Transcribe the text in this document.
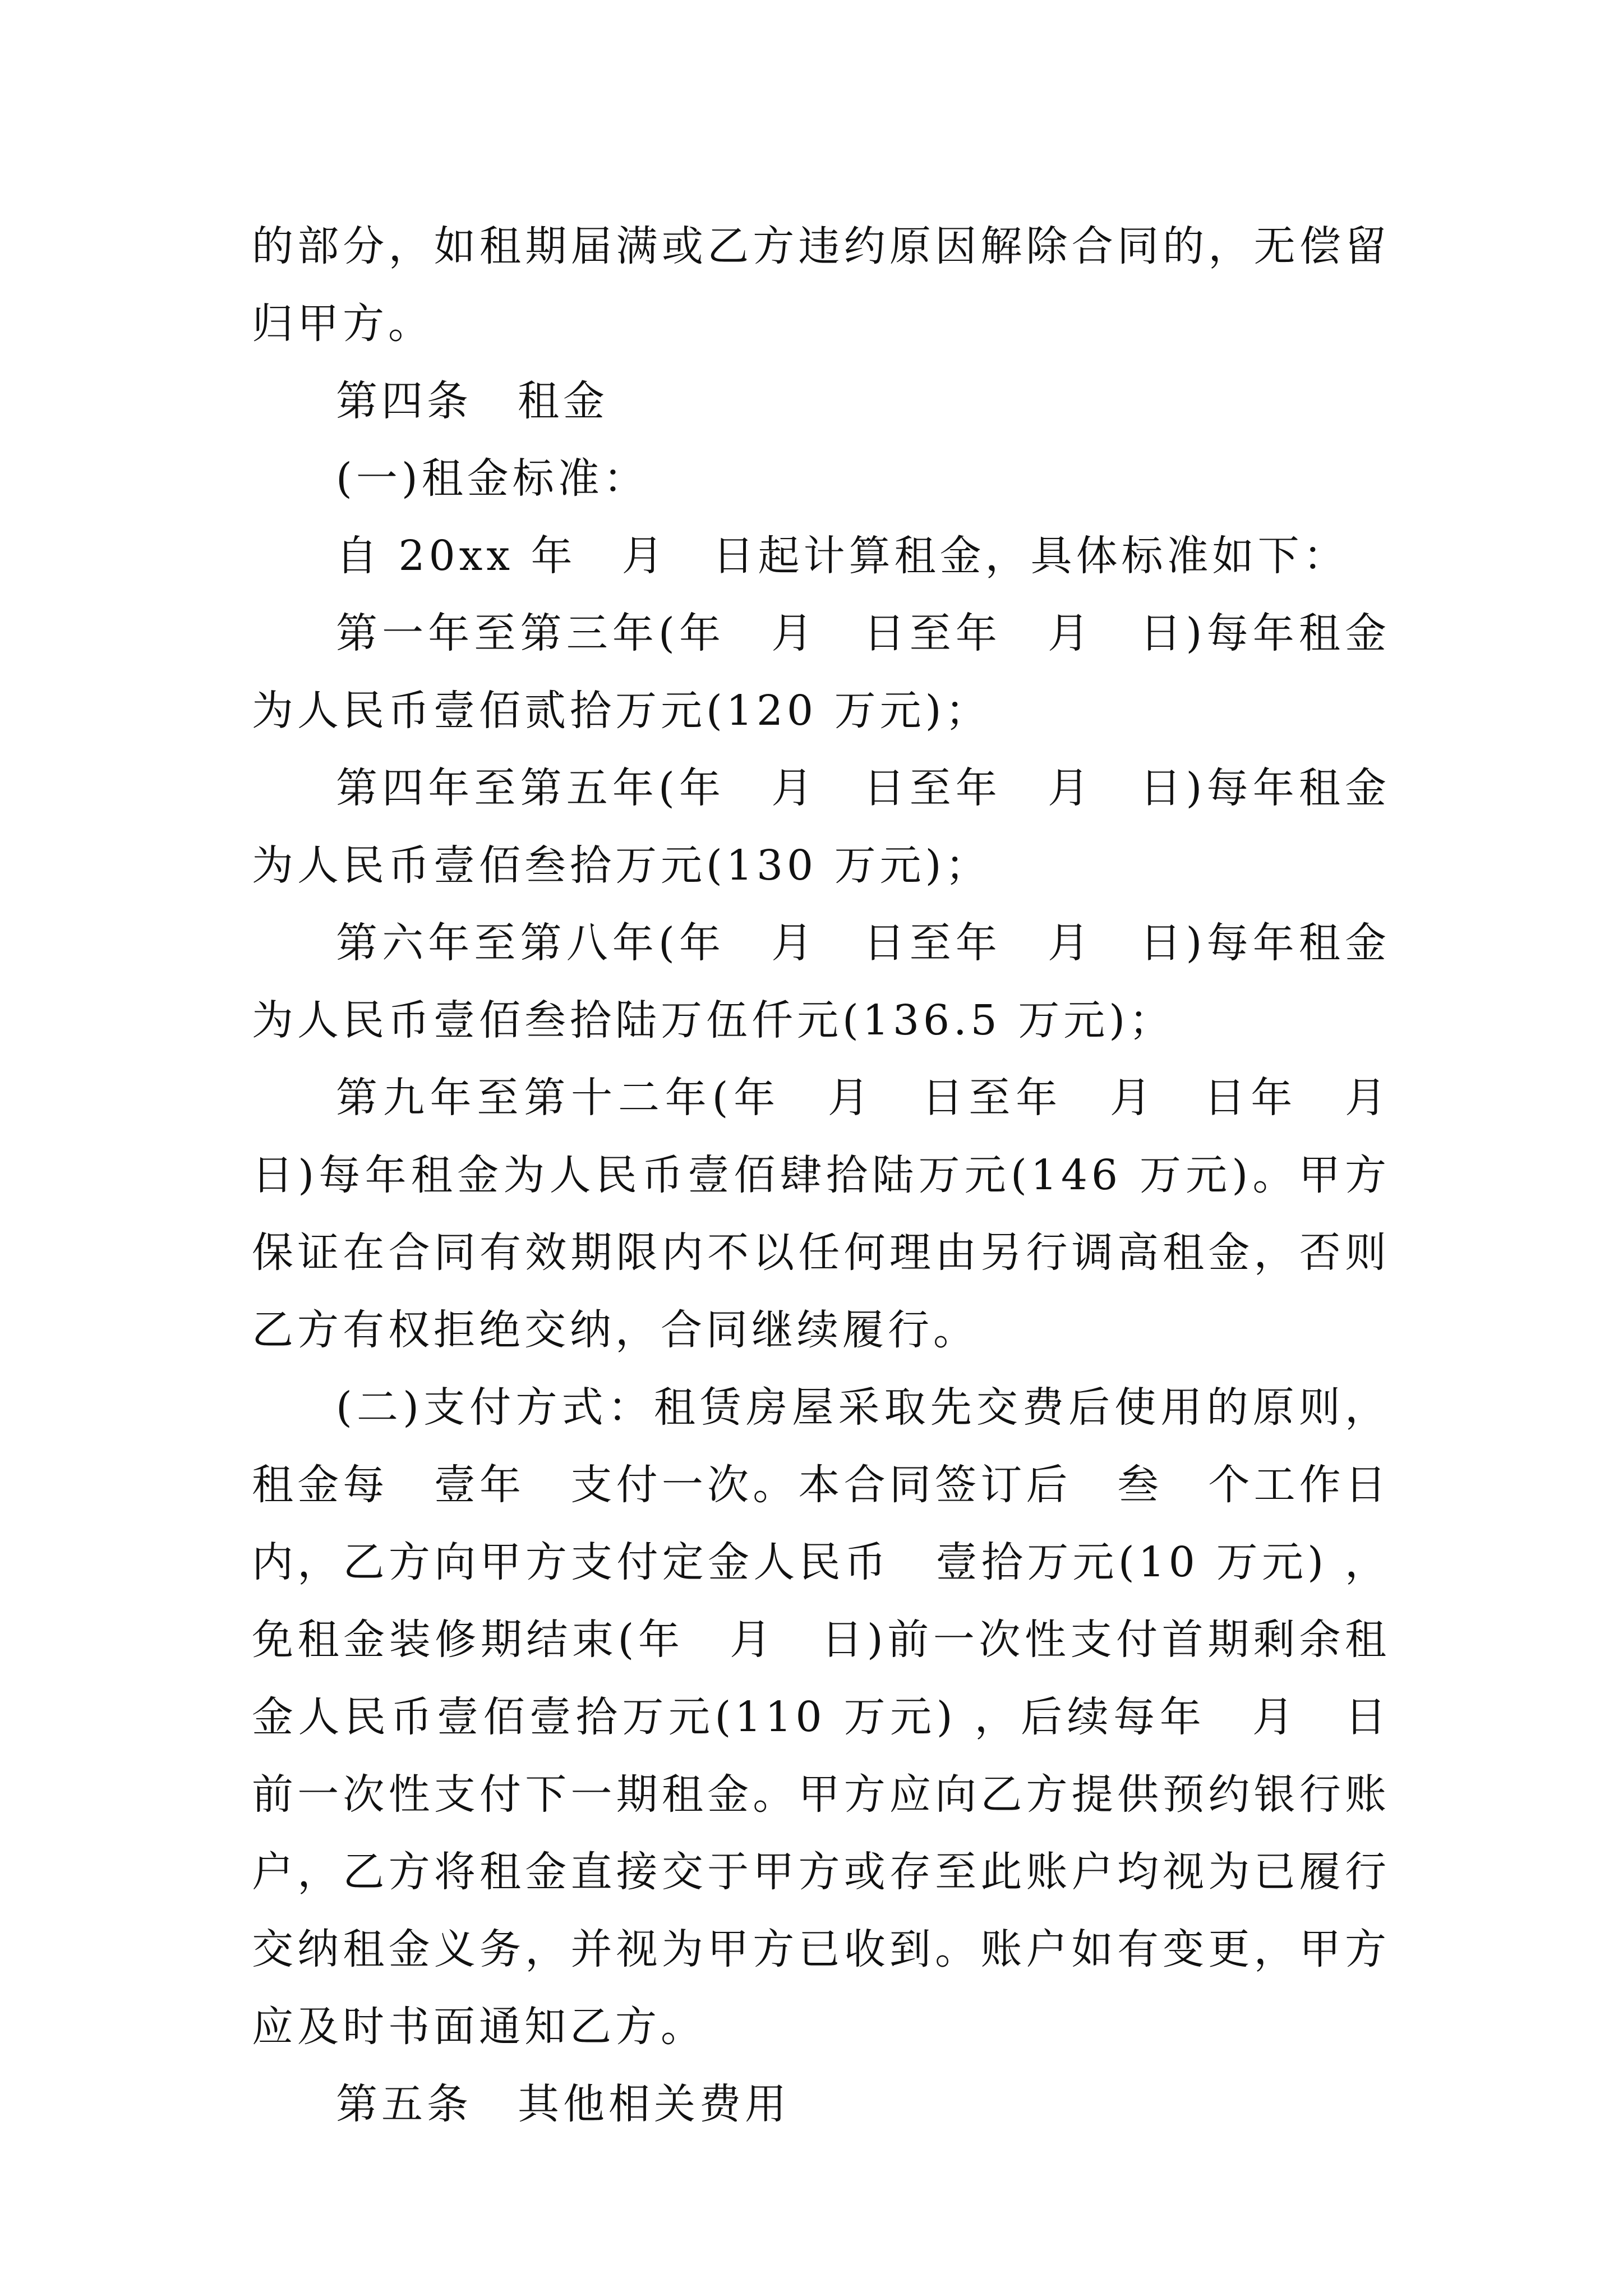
的部分，如租期届满或乙方违约原因解除合同的，无偿留归甲方。

第四条　租金

(一)租金标准：

自 20xx 年　月　日起计算租金，具体标准如下：

第一年至第三年(年　月　日至年　月　日)每年租金为人民币壹佰贰拾万元(120 万元)；

第四年至第五年(年　月　日至年　月　日)每年租金为人民币壹佰叁拾万元(130 万元)；

第六年至第八年(年　月　日至年　月　日)每年租金为人民币壹佰叁拾陆万伍仟元(136.5 万元)；

第九年至第十二年(年　月　日至年　月　日年　月　日)每年租金为人民币壹佰肆拾陆万元(146 万元)。甲方保证在合同有效期限内不以任何理由另行调高租金，否则乙方有权拒绝交纳，合同继续履行。

(二)支付方式：租赁房屋采取先交费后使用的原则，租金每　壹年　支付一次。本合同签订后　叁　个工作日内，乙方向甲方支付定金人民币　壹拾万元(10 万元) ，免租金装修期结束(年　月　日)前一次性支付首期剩余租金人民币壹佰壹拾万元(110 万元) ，后续每年　月　日前一次性支付下一期租金。甲方应向乙方提供预约银行账户，乙方将租金直接交于甲方或存至此账户均视为已履行交纳租金义务，并视为甲方已收到。账户如有变更，甲方应及时书面通知乙方。

第五条　其他相关费用
